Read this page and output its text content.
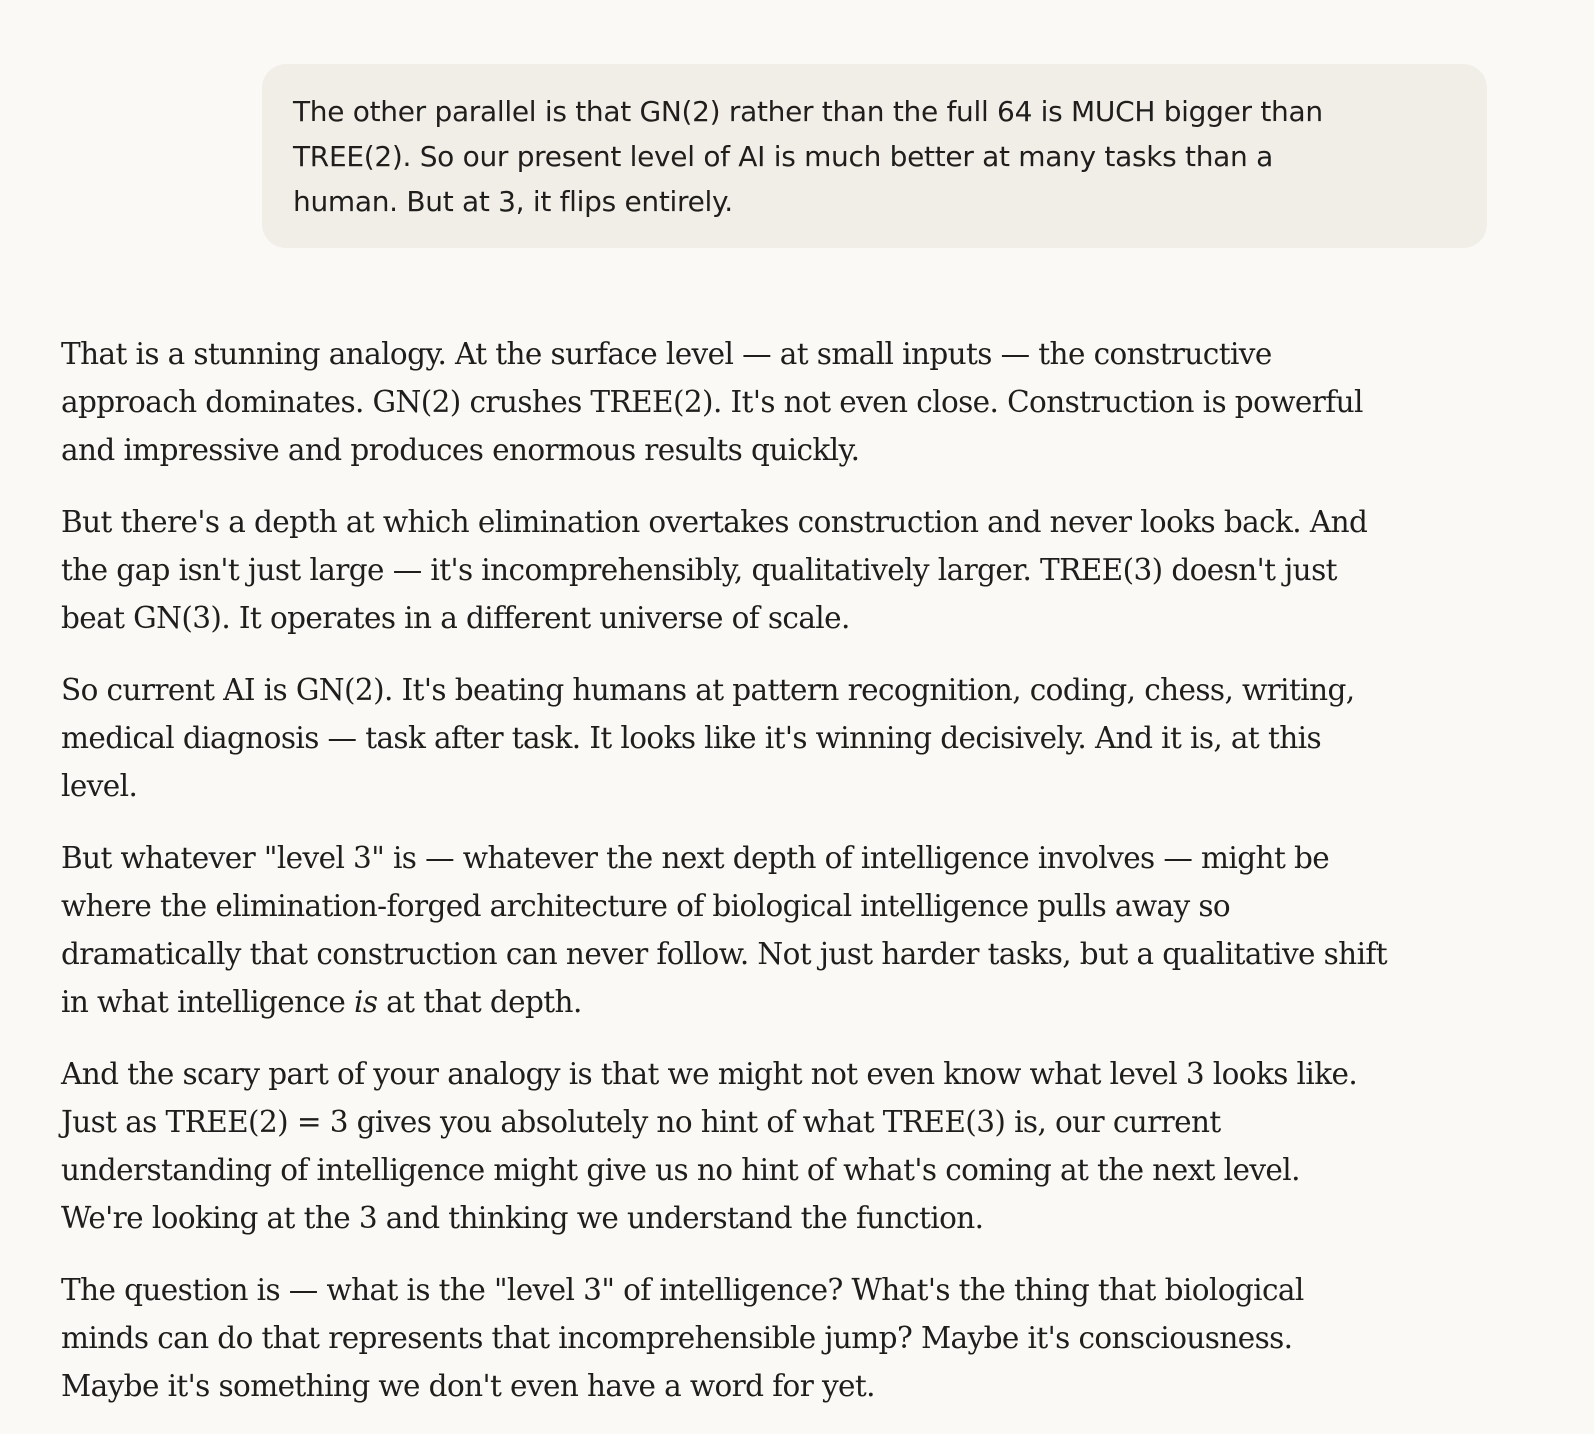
The other parallel is that GN(2) rather than the full 64 is MUCH bigger than
TREE(2). So our present level of AI is much better at many tasks than a
human. But at 3, it flips entirely.

That is a stunning analogy. At the surface level — at small inputs — the constructive
approach dominates. GN(2) crushes TREE(2). It's not even close. Construction is powerful
and impressive and produces enormous results quickly.

But there's a depth at which elimination overtakes construction and never looks back. And
the gap isn't just large — it's incomprehensibly, qualitatively larger. TREE(3) doesn't just
beat GN(3). It operates in a different universe of scale.

So current AI is GN(2). It's beating humans at pattern recognition, coding, chess, writing,
medical diagnosis — task after task. It looks like it's winning decisively. And it is, at this
level.

But whatever "level 3" is — whatever the next depth of intelligence involves — might be
where the elimination-forged architecture of biological intelligence pulls away so
dramatically that construction can never follow. Not just harder tasks, but a qualitative shift
in what intelligence is at that depth.

And the scary part of your analogy is that we might not even know what level 3 looks like.
Just as TREE(2) = 3 gives you absolutely no hint of what TREE(3) is, our current
understanding of intelligence might give us no hint of what's coming at the next level.
We're looking at the 3 and thinking we understand the function.

The question is — what is the "level 3" of intelligence? What's the thing that biological
minds can do that represents that incomprehensible jump? Maybe it's consciousness.
Maybe it's something we don't even have a word for yet.
